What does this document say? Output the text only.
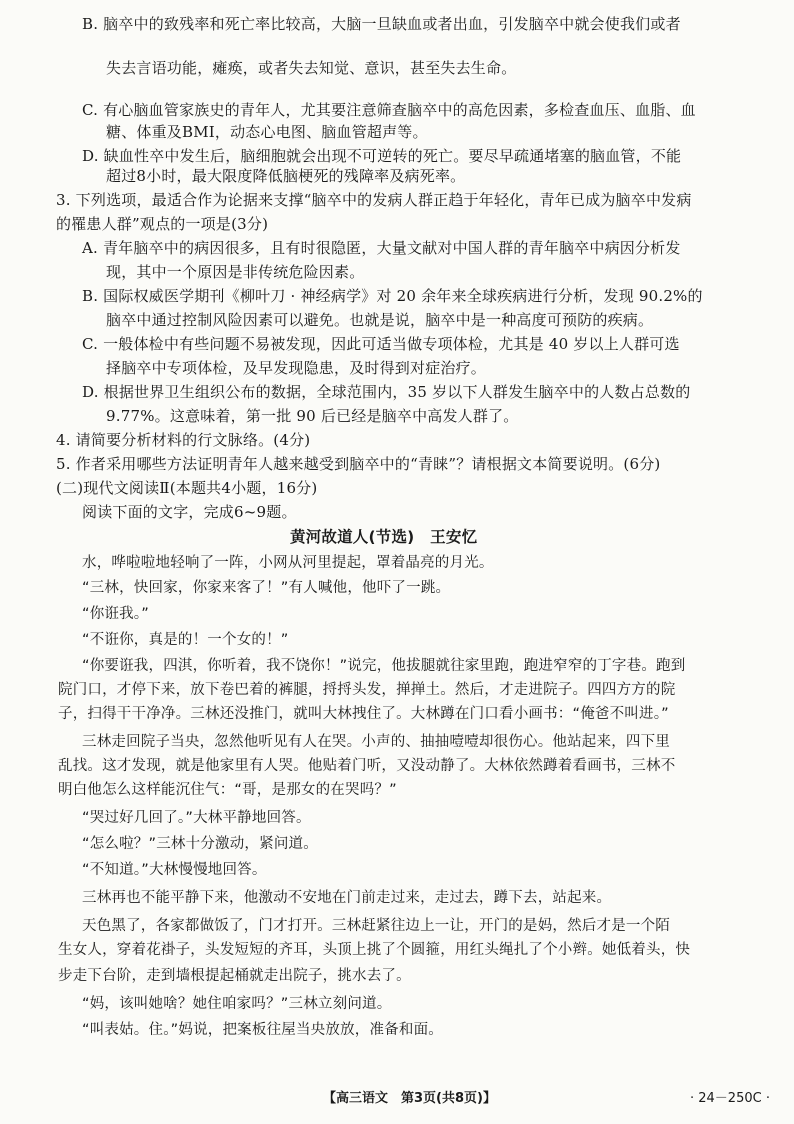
B. 脑卒中的致残率和死亡率比较高，大脑一旦缺血或者出血，引发脑卒中就会使我们或者
失去言语功能，瘫痪，或者失去知觉、意识，甚至失去生命。
C. 有心脑血管家族史的青年人，尤其要注意筛查脑卒中的高危因素，多检查血压、血脂、血
糖、体重及BMI，动态心电图、脑血管超声等。
D. 缺血性卒中发生后，脑细胞就会出现不可逆转的死亡。要尽早疏通堵塞的脑血管，不能
超过8小时，最大限度降低脑梗死的残障率及病死率。
3. 下列选项，最适合作为论据来支撑“脑卒中的发病人群正趋于年轻化，青年已成为脑卒中发病
的罹患人群”观点的一项是(3分)
A. 青年脑卒中的病因很多，且有时很隐匿，大量文献对中国人群的青年脑卒中病因分析发
现，其中一个原因是非传统危险因素。
B. 国际权威医学期刊《柳叶刀 · 神经病学》对 20 余年来全球疾病进行分析，发现 90.2%的
脑卒中通过控制风险因素可以避免。也就是说，脑卒中是一种高度可预防的疾病。
C. 一般体检中有些问题不易被发现，因此可适当做专项体检，尤其是 40 岁以上人群可选
择脑卒中专项体检，及早发现隐患，及时得到对症治疗。
D. 根据世界卫生组织公布的数据，全球范围内，35 岁以下人群发生脑卒中的人数占总数的
9.77%。这意味着，第一批 90 后已经是脑卒中高发人群了。
4. 请简要分析材料的行文脉络。(4分)
5. 作者采用哪些方法证明青年人越来越受到脑卒中的“青睐”？请根据文本简要说明。(6分)
(二)现代文阅读Ⅱ(本题共4小题，16分)
阅读下面的文字，完成6~9题。
黄河故道人(节选)　王安忆
水，哗啦啦地轻响了一阵，小网从河里提起，罩着晶亮的月光。
“三林，快回家，你家来客了！”有人喊他，他吓了一跳。
“你诳我。”
“不诳你，真是的！一个女的！”
“你要诳我，四淇，你听着，我不饶你！”说完，他拔腿就往家里跑，跑进窄窄的丁字巷。跑到
院门口，才停下来，放下卷巴着的裤腿，捋捋头发，掸掸土。然后，才走进院子。四四方方的院
子，扫得干干净净。三林还没推门，就叫大林拽住了。大林蹲在门口看小画书：“俺爸不叫进。”
三林走回院子当央，忽然他听见有人在哭。小声的、抽抽噎噎却很伤心。他站起来，四下里
乱找。这才发现，就是他家里有人哭。他贴着门听，又没动静了。大林依然蹲着看画书，三林不
明白他怎么这样能沉住气：“哥，是那女的在哭吗？”
“哭过好几回了。”大林平静地回答。
“怎么啦？”三林十分激动，紧问道。
“不知道。”大林慢慢地回答。
三林再也不能平静下来，他激动不安地在门前走过来，走过去，蹲下去，站起来。
天色黑了，各家都做饭了，门才打开。三林赶紧往边上一让，开门的是妈，然后才是一个陌
生女人，穿着花褂子，头发短短的齐耳，头顶上挑了个圆箍，用红头绳扎了个小辫。她低着头，快
步走下台阶，走到墙根提起桶就走出院子，挑水去了。
“妈，该叫她啥？她住咱家吗？”三林立刻问道。
“叫表姑。住。”妈说，把案板往屋当央放放，准备和面。
【高三语文　第3页(共8页)】	· 24－250C ·
